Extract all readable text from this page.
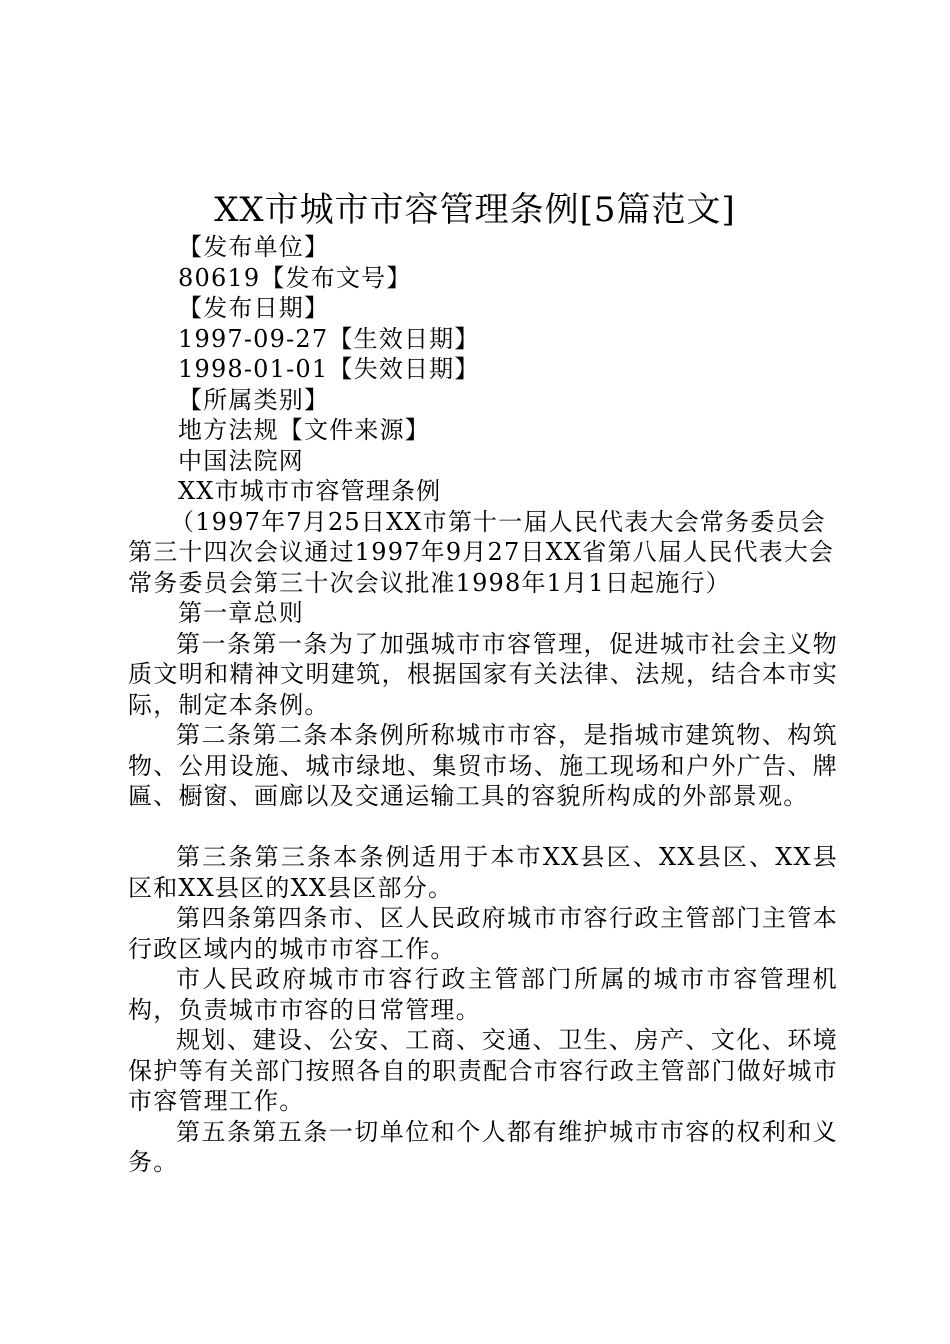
XX市城市市容管理条例[5篇范文]
【发布单位】
80619【发布文号】
【发布日期】
1997-09-27【生效日期】
1998-01-01【失效日期】
【所属类别】
地方法规【文件来源】
中国法院网
XX市城市市容管理条例
（1997年7月25日XX市第十一届人民代表大会常务委员会第三十四次会议通过1997年9月27日XX省第八届人民代表大会常务委员会第三十次会议批准1998年1月1日起施行）
第一章总则
第一条第一条为了加强城市市容管理，促进城市社会主义物质文明和精神文明建筑，根据国家有关法律、法规，结合本市实际，制定本条例。
第二条第二条本条例所称城市市容，是指城市建筑物、构筑物、公用设施、城市绿地、集贸市场、施工现场和户外广告、牌匾、橱窗、画廊以及交通运输工具的容貌所构成的外部景观。
第三条第三条本条例适用于本市XX县区、XX县区、XX县区和XX县区的XX县区部分。
第四条第四条市、区人民政府城市市容行政主管部门主管本行政区域内的城市市容工作。
市人民政府城市市容行政主管部门所属的城市市容管理机构，负责城市市容的日常管理。
规划、建设、公安、工商、交通、卫生、房产、文化、环境保护等有关部门按照各自的职责配合市容行政主管部门做好城市市容管理工作。
第五条第五条一切单位和个人都有维护城市市容的权利和义务。
